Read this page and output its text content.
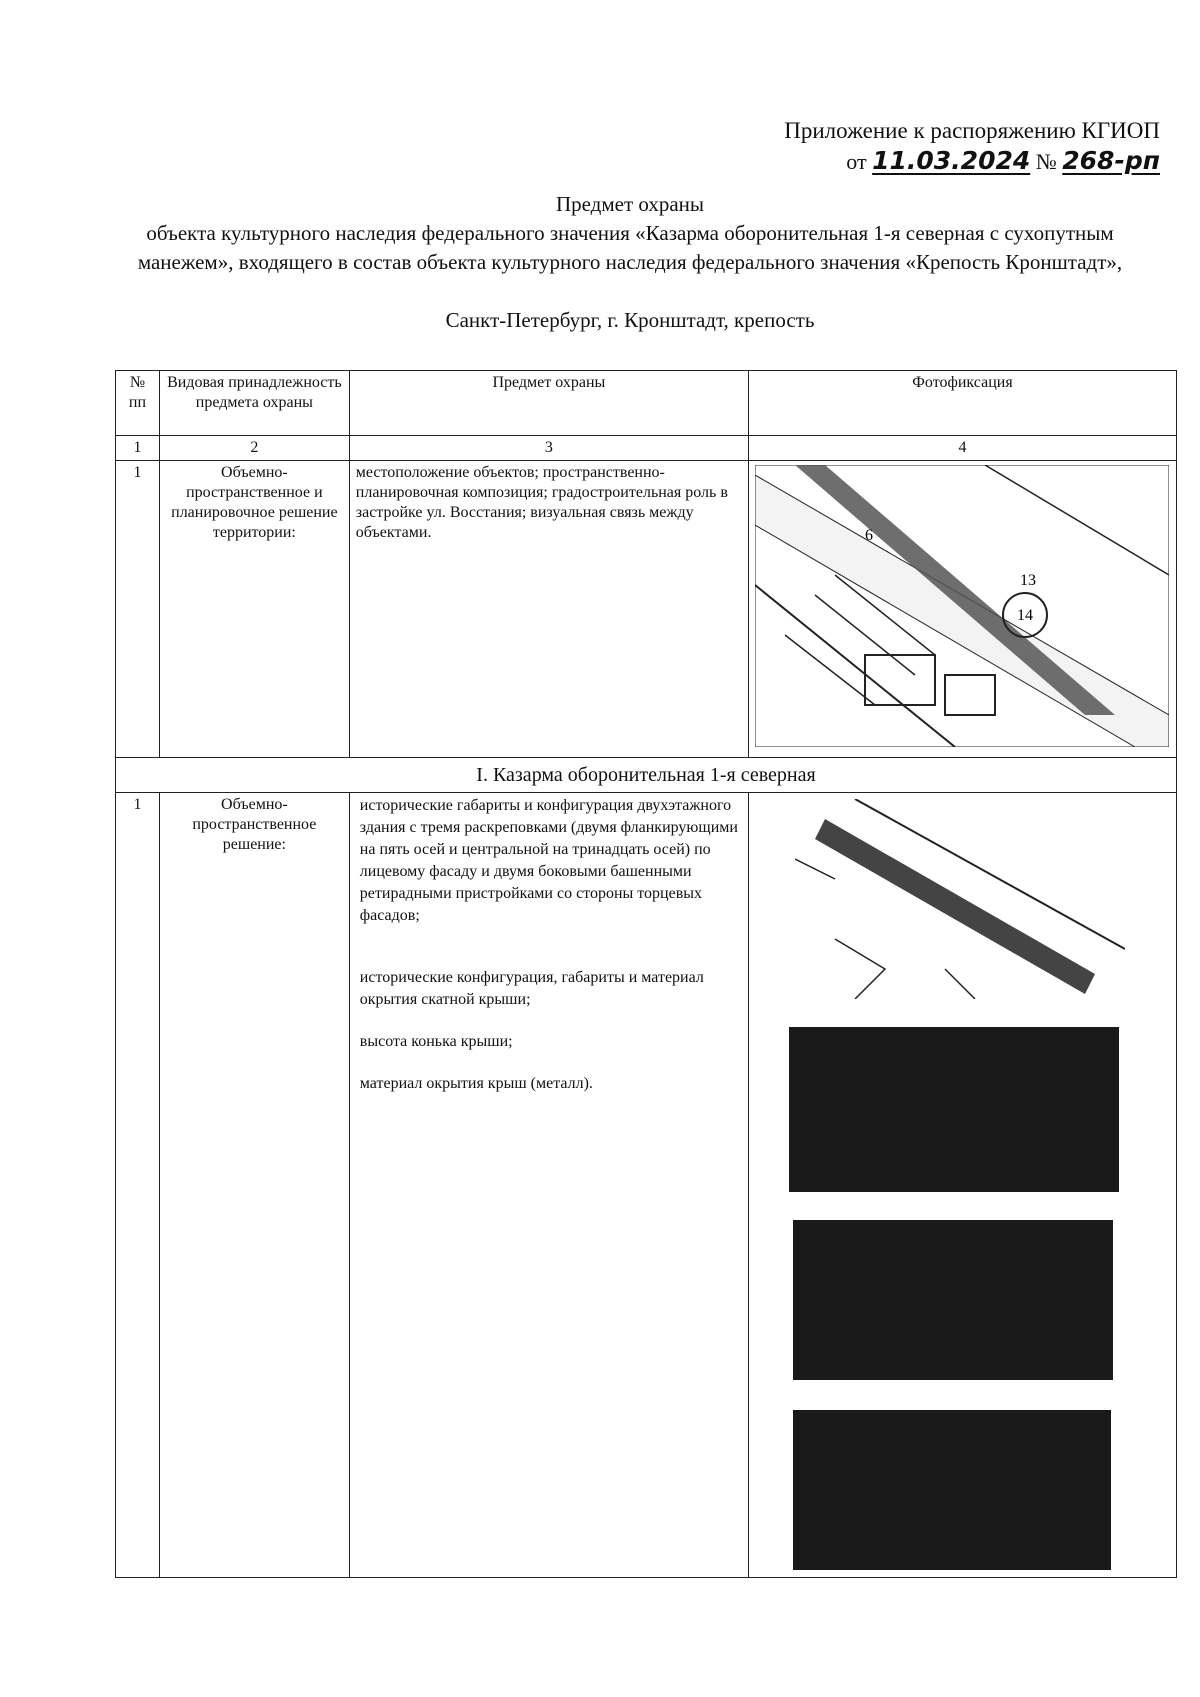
Приложение к распоряжению КГИОП
от 11.03.2024 № 268-рп
Предмет охраны
объекта культурного наследия федерального значения «Казарма оборонительная 1-я северная с сухопутным манежем», входящего в состав объекта культурного наследия федерального значения «Крепость Кронштадт»,
Санкт-Петербург, г. Кронштадт, крепость
№ пп	Видовая принадлежность предмета охраны	Предмет охраны	Фотофиксация
1	2	3	4
1	Объемно-пространственное и планировочное решение территории:	местоположение объектов; пространственно-планировочная композиция; градостроительная роль в застройке ул. Восстания; визуальная связь между объектами.	6
13
14

I. Казарма оборонительная 1-я северная			
1	Объемно-пространственное решение:	исторические габариты и конфигурация двухэтажного здания с тремя раскреповками (двумя фланкирующими на пять осей и центральной на тринадцать осей) по лицевому фасаду и двумя боковыми башенными ретирадными пристройками со стороны торцевых фасадов;
исторические конфигурация, габариты и материал окрытия скатной крыши;
высота конька крыши;
материал окрытия крыш (металл).
